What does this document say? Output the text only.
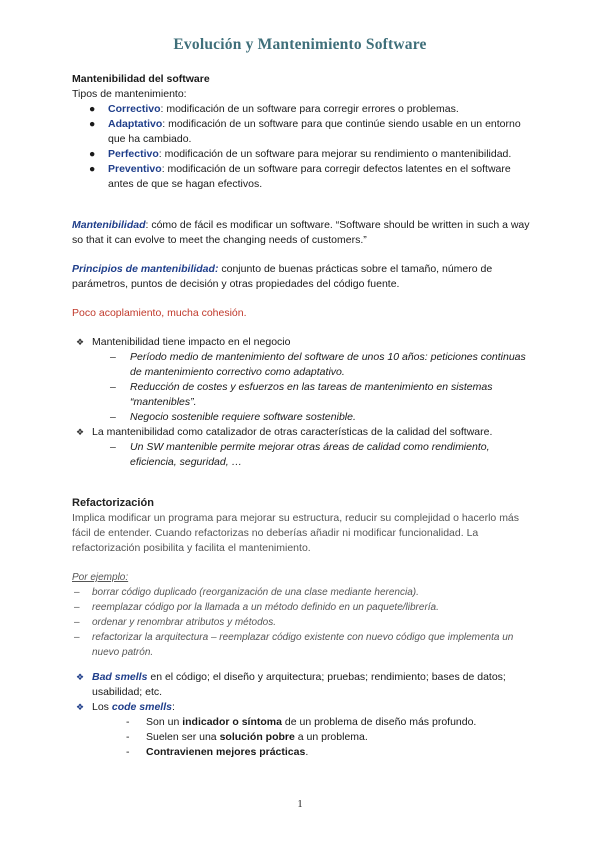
Evolución y Mantenimiento Software
Mantenibilidad del software
Tipos de mantenimiento:
● Correctivo: modificación de un software para corregir errores o problemas.
● Adaptativo: modificación de un software para que continúe siendo usable en un entorno que ha cambiado.
● Perfectivo: modificación de un software para mejorar su rendimiento o mantenibilidad.
● Preventivo: modificación de un software para corregir defectos latentes en el software antes de que se hagan efectivos.
Mantenibilidad: cómo de fácil es modificar un software. “Software should be written in such a way so that it can evolve to meet the changing needs of customers.”
Principios de mantenibilidad: conjunto de buenas prácticas sobre el tamaño, número de parámetros, puntos de decisión y otras propiedades del código fuente.
Poco acoplamiento, mucha cohesión.
❖ Mantenibilidad tiene impacto en el negocio
– Período medio de mantenimiento del software de unos 10 años: peticiones continuas de mantenimiento correctivo como adaptativo.
– Reducción de costes y esfuerzos en las tareas de mantenimiento en sistemas “mantenibles”.
– Negocio sostenible requiere software sostenible.
❖ La mantenibilidad como catalizador de otras características de la calidad del software.
– Un SW mantenible permite mejorar otras áreas de calidad como rendimiento, eficiencia, seguridad, …
Refactorización
Implica modificar un programa para mejorar su estructura, reducir su complejidad o hacerlo más fácil de entender. Cuando refactorizas no deberías añadir ni modificar funcionalidad. La refactorización posibilita y facilita el mantenimiento.
Por ejemplo:
– borrar código duplicado (reorganización de una clase mediante herencia).
– reemplazar código por la llamada a un método definido en un paquete/librería.
– ordenar y renombrar atributos y métodos.
– refactorizar la arquitectura – reemplazar código existente con nuevo código que implementa un nuevo patrón.
❖ Bad smells en el código; el diseño y arquitectura; pruebas; rendimiento; bases de datos; usabilidad; etc.
❖ Los code smells:
- Son un indicador o síntoma de un problema de diseño más profundo.
- Suelen ser una solución pobre a un problema.
- Contravienen mejores prácticas.
1
